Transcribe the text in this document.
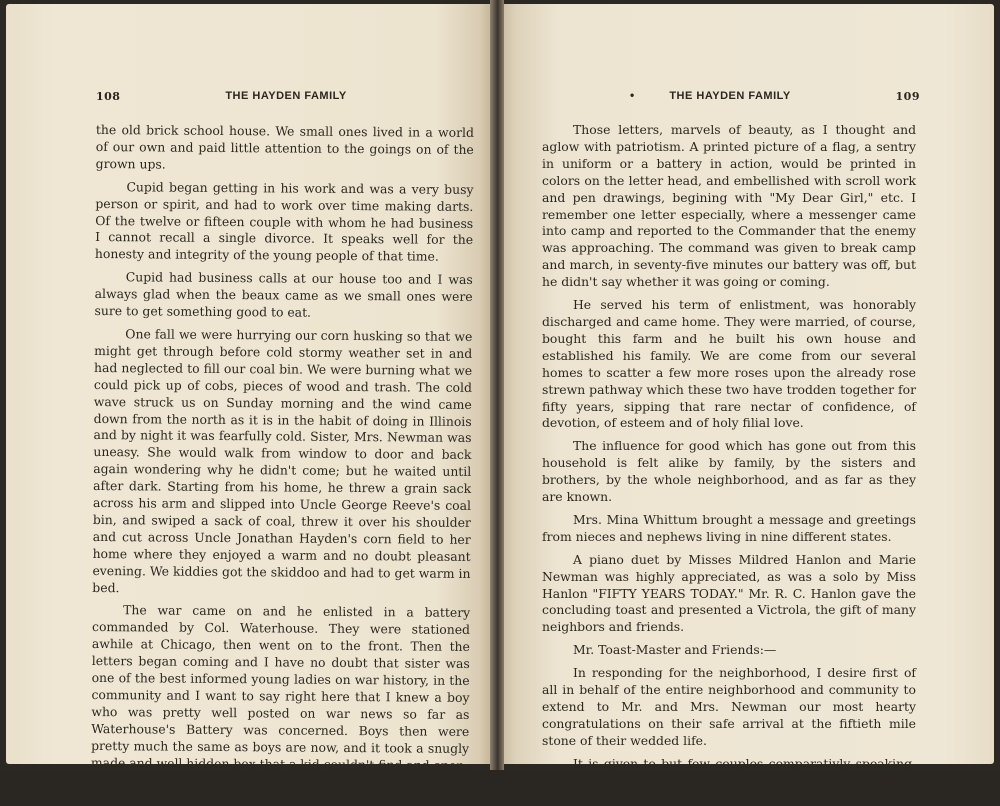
108	THE HAYDEN FAMILY

the old brick school house. We small ones lived in a world of our own and paid little attention to the goings on of the grown ups.

Cupid began getting in his work and was a very busy person or spirit, and had to work over time making darts. Of the twelve or fifteen couple with whom he had business I cannot recall a single divorce. It speaks well for the honesty and integrity of the young people of that time.

Cupid had business calls at our house too and I was always glad when the beaux came as we small ones were sure to get something good to eat.

One fall we were hurrying our corn husking so that we might get through before cold stormy weather set in and had neglected to fill our coal bin. We were burning what we could pick up of cobs, pieces of wood and trash. The cold wave struck us on Sunday morning and the wind came down from the north as it is in the habit of doing in Illinois and by night it was fearfully cold. Sister, Mrs. Newman was uneasy. She would walk from window to door and back again wondering why he didn't come; but he waited until after dark. Starting from his home, he threw a grain sack across his arm and slipped into Uncle George Reeve's coal bin, and swiped a sack of coal, threw it over his shoulder and cut across Uncle Jonathan Hayden's corn field to her home where they enjoyed a warm and no doubt pleasant evening. We kiddies got the skiddoo and had to get warm in bed.

The war came on and he enlisted in a battery commanded by Col. Waterhouse. They were stationed awhile at Chicago, then went on to the front. Then the letters began coming and I have no doubt that sister was one of the best informed young ladies on war history, in the community and I want to say right here that I knew a boy who was pretty well posted on war news so far as Waterhouse's Battery was concerned. Boys then were pretty much the same as boys are now, and it took a snugly made and well hidden box that a kid couldn't find and open.

•	THE HAYDEN FAMILY	109

Those letters, marvels of beauty, as I thought and aglow with patriotism. A printed picture of a flag, a sentry in uniform or a battery in action, would be printed in colors on the letter head, and embellished with scroll work and pen drawings, begining with "My Dear Girl," etc. I remember one letter especially, where a messenger came into camp and reported to the Commander that the enemy was approaching. The command was given to break camp and march, in seventy-five minutes our battery was off, but he didn't say whether it was going or coming.

He served his term of enlistment, was honorably discharged and came home. They were married, of course, bought this farm and he built his own house and established his family. We are come from our several homes to scatter a few more roses upon the already rose strewn pathway which these two have trodden together for fifty years, sipping that rare nectar of confidence, of devotion, of esteem and of holy filial love.

The influence for good which has gone out from this household is felt alike by family, by the sisters and brothers, by the whole neighborhood, and as far as they are known.

Mrs. Mina Whittum brought a message and greetings from nieces and nephews living in nine different states.

A piano duet by Misses Mildred Hanlon and Marie Newman was highly appreciated, as was a solo by Miss Hanlon "FIFTY YEARS TODAY." Mr. R. C. Hanlon gave the concluding toast and presented a Victrola, the gift of many neighbors and friends.

Mr. Toast-Master and Friends:—

In responding for the neighborhood, I desire first of all in behalf of the entire neighborhood and community to extend to Mr. and Mrs. Newman our most hearty congratulations on their safe arrival at the fiftieth mile stone of their wedded life.

It is given to but few couples comparativly speaking, the privilege of making an unbroken voyage covering a period of
